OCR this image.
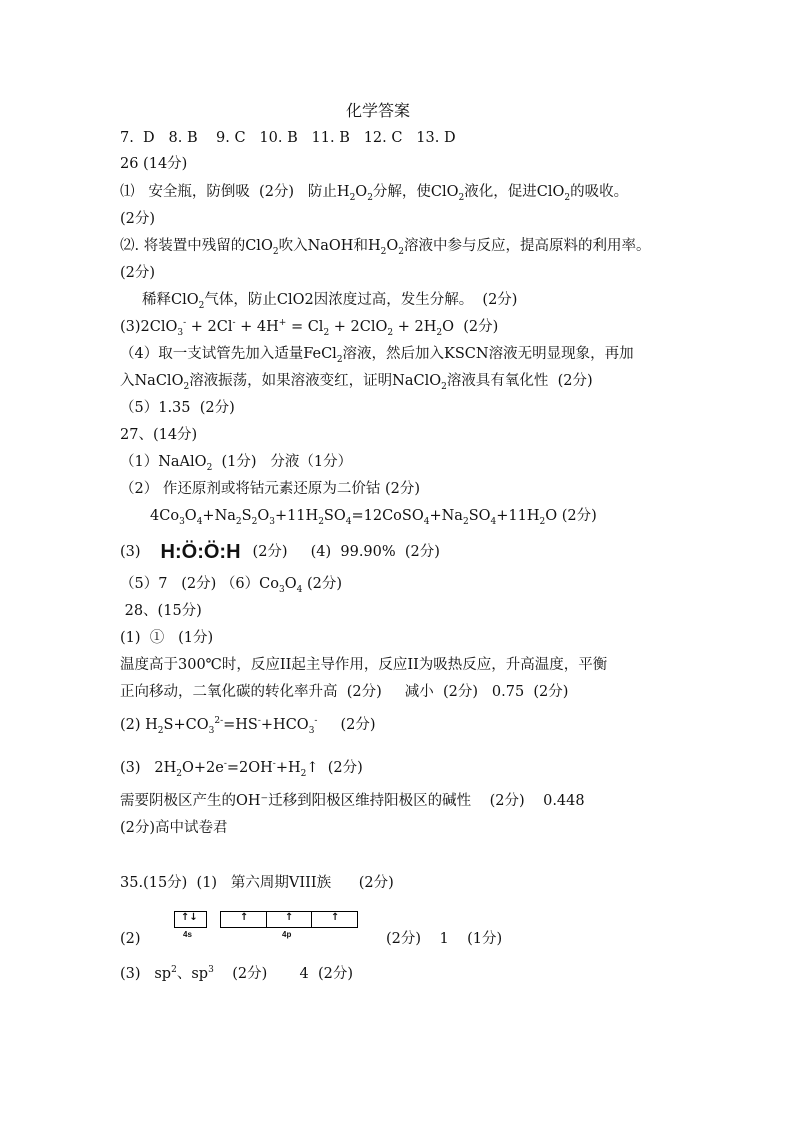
化学答案
7.  D   8. B    9. C   10. B   11. B   12. C   13. D
26 (14分)
⑴   安全瓶，防倒吸  (2分)   防止$H_2O_2$分解，使ClO$_2$液化，促进ClO$_2$的吸收。
(2分)
⑵. 将装置中残留的ClO$_2$吹入NaOH和$H_2O_2$溶液中参与反应，提高原料的利用率。
(2分)
稀释ClO$_2$气体，防止ClO2因浓度过高，发生分解。  (2分)
$(3)2ClO_3^- + 2Cl^- + 4H^+ = Cl_2 + 2ClO_2 + 2H_2O$  (2分)
（4）取一支试管先加入适量FeCl$_2$溶液，然后加入KSCN溶液无明显现象，再加
入NaClO$_2$溶液振荡，如果溶液变红，证明NaClO$_2$溶液具有氧化性  (2分)
（5）1.35  (2分)
27、(14分)
（1）NaAlO$_2$  (1分)   分液（1分）
（2） 作还原剂或将钴元素还原为二价钴 (2分)
$4Co_3O_4+Na_2S_2O_3+11H_2SO_4=12CoSO_4+Na_2SO_4+11H_2O$ (2分)
(3) H:Ö:Ö:H (2分)     (4)  99.90%  (2分)
（5）7   (2分) $(6)Co_3O_4$ (2分)
28、(15分)
(1)  ①   (1分)
温度高于300℃时，反应II起主导作用，反应II为吸热反应，升高温度，平衡
正向移动，二氧化碳的转化率升高  (2分)     减小  (2分)   0.75  (2分)
(2) $H_2S+CO_3^{2-}=HS^-+HCO_3^-$     (2分)
(3)   $2H_2O+2e^-=2OH^-+H_2↑$  (2分)
需要阴极区产生的OH⁻迁移到阳极区维持阳极区的碱性    (2分)    0.448
(2分)高中试卷君
35.(15分)  (1)   第六周期VIII族      (2分)
(2)
↑↓	↑	↑	↑
4s	4p	(2分)    1    (1分)
(3)   $sp^2$、$sp^3$    (2分)       4  (2分)
